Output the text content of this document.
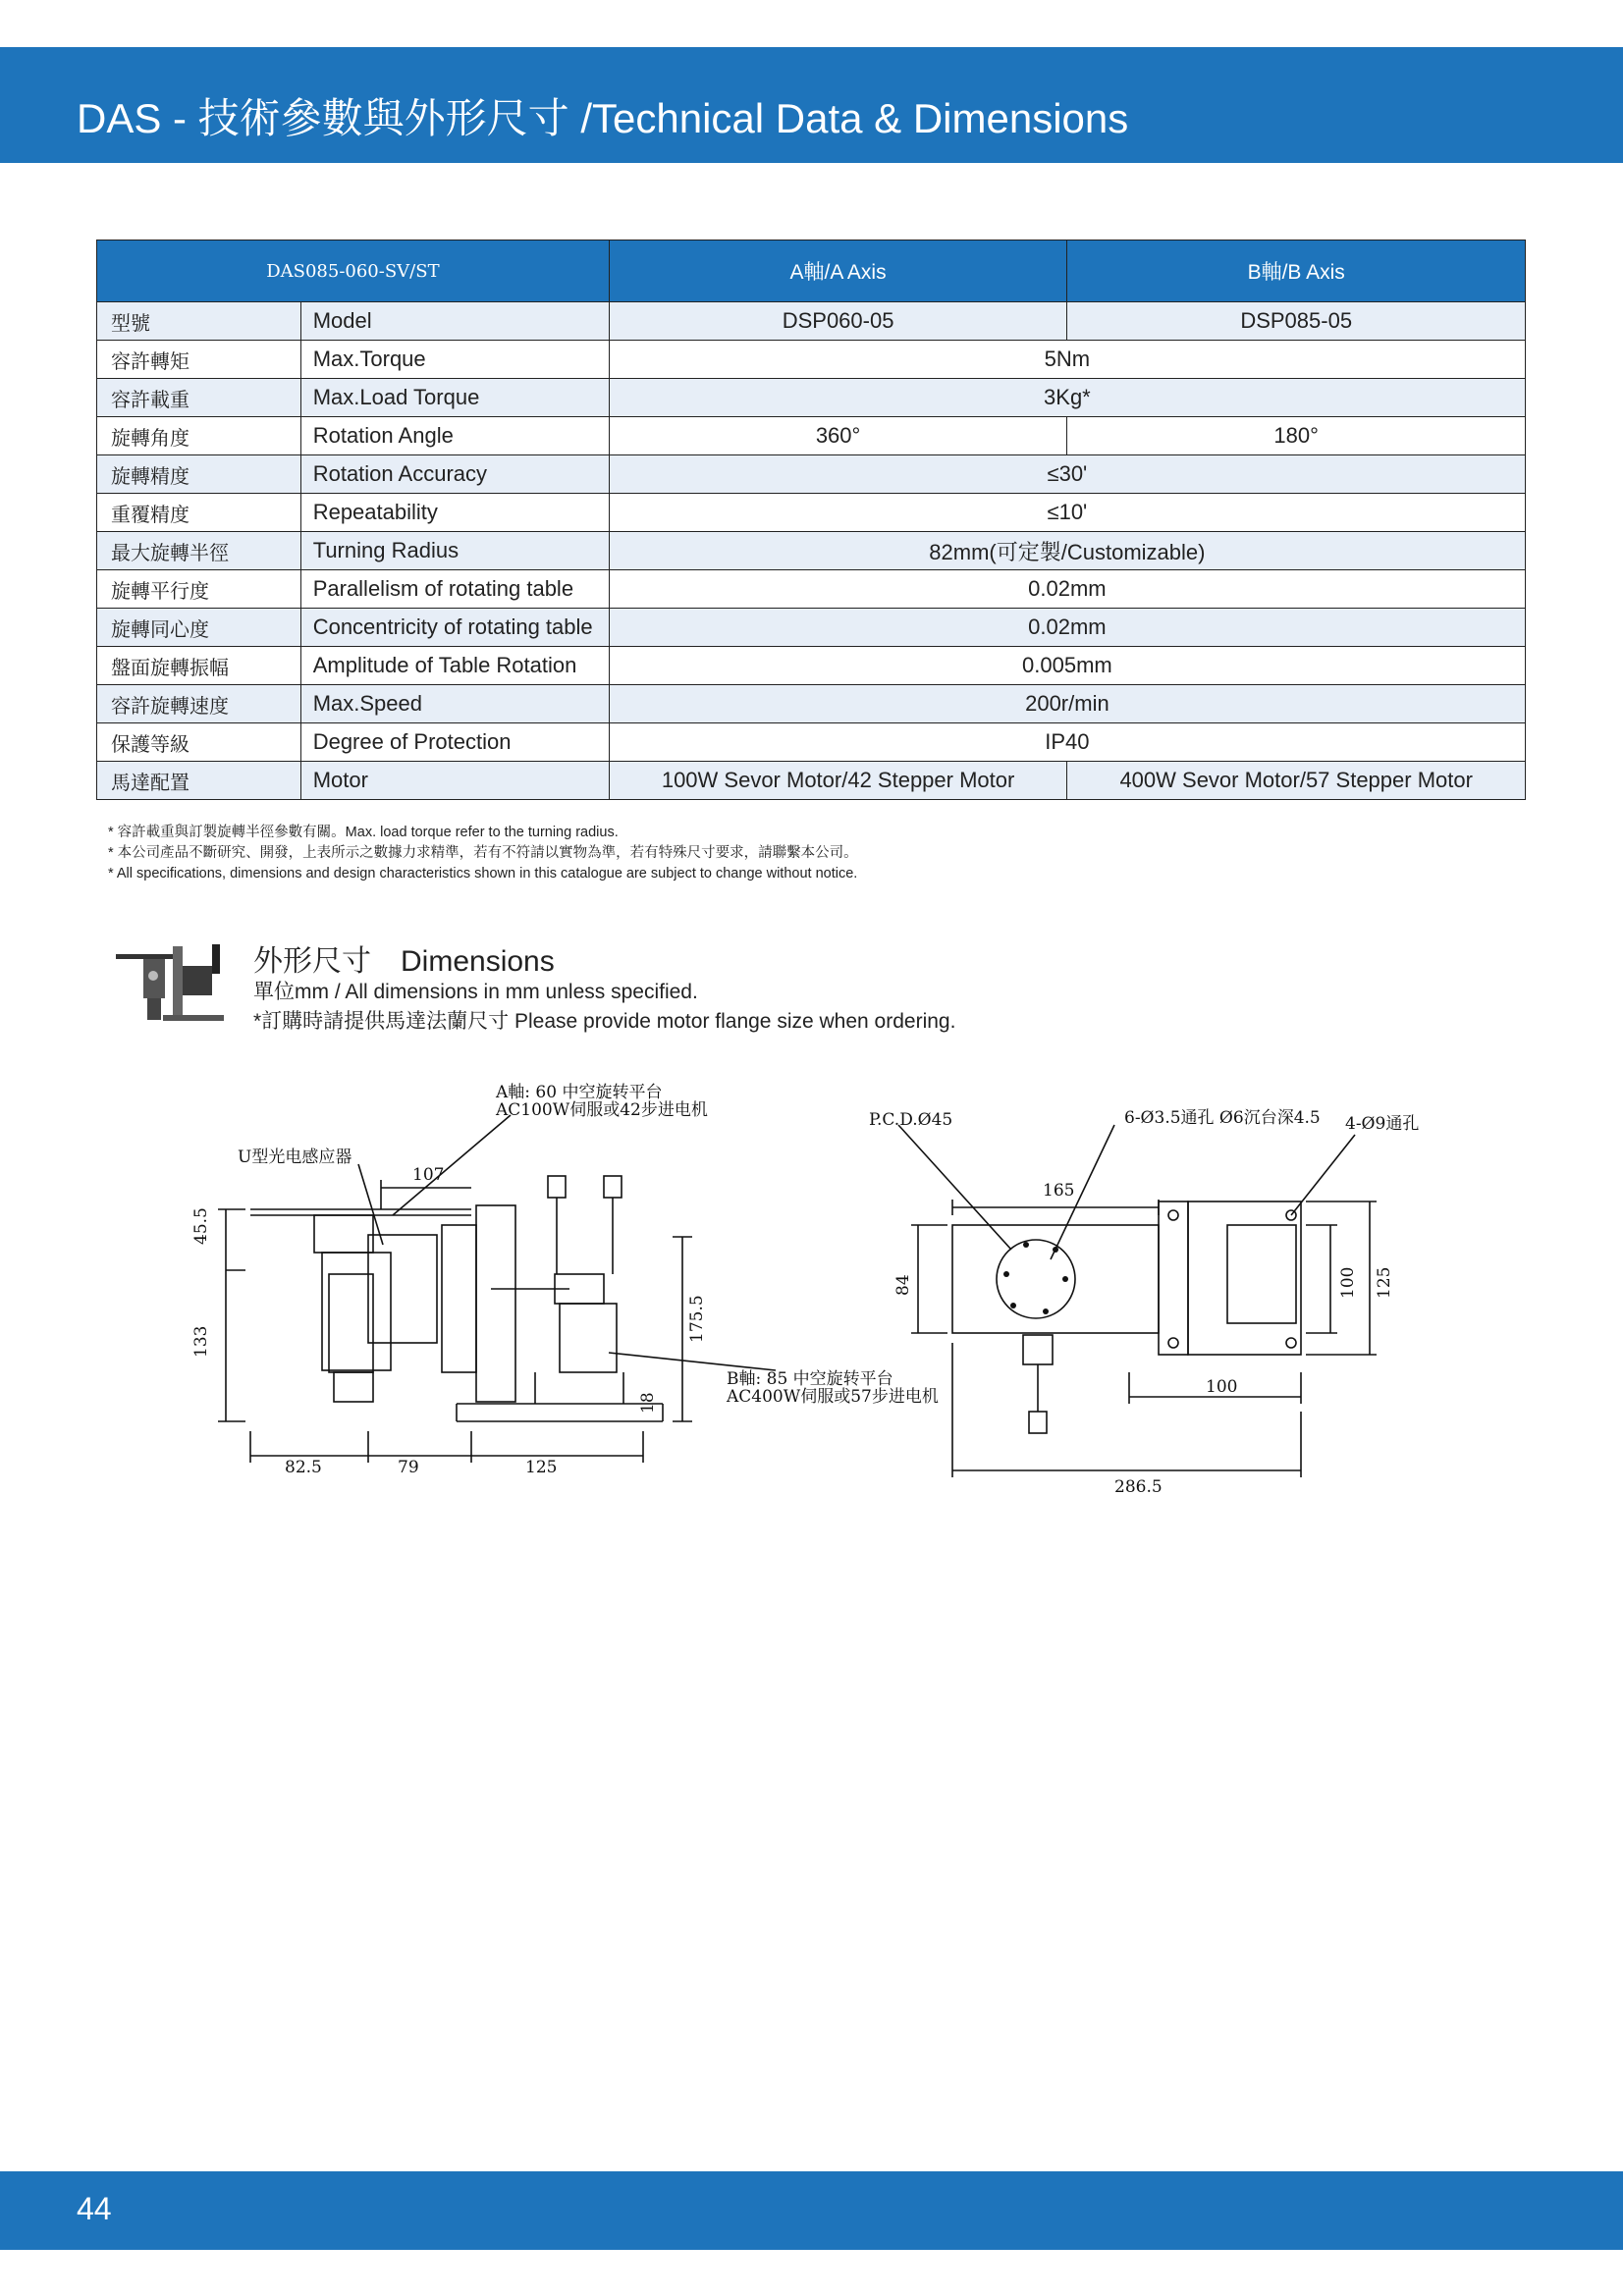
DAS - 技術參數與外形尺寸 /Technical Data & Dimensions
DAS085-060-SV/ST		A軸/A Axis	B軸/B Axis
型號	Model	DSP060-05	DSP085-05
容許轉矩	Max.Torque	5Nm	
容許載重	Max.Load Torque	3Kg*	
旋轉角度	Rotation Angle	360°	180°
旋轉精度	Rotation Accuracy	≤30'	
重覆精度	Repeatability	≤10'	
最大旋轉半徑	Turning Radius	82mm(可定製/Customizable)	
旋轉平行度	Parallelism of rotating table	0.02mm	
旋轉同心度	Concentricity of rotating table	0.02mm	
盤面旋轉振幅	Amplitude of Table Rotation	0.005mm	
容許旋轉速度	Max.Speed	200r/min	
保護等級	Degree of Protection	IP40	
馬達配置	Motor	100W Sevor Motor/42 Stepper Motor	400W Sevor Motor/57 Stepper Motor
* 容許載重與訂製旋轉半徑參數有關。Max. load torque refer to the turning radius.
* 本公司產品不斷研究、開發，上表所示之數據力求精準，若有不符請以實物為準，若有特殊尺寸要求，請聯繫本公司。
* All specifications, dimensions and design characteristics shown in this catalogue are subject to change without notice.
外形尺寸 Dimensions
單位mm / All dimensions in mm unless specified.
*訂購時請提供馬達法蘭尺寸 Please provide motor flange size when ordering.
A軸: 60 中空旋转平台
AC100W伺服或42步进电机
U型光电感应器
107
45.5
133	175.5
18
82.5	79	125
B軸: 85 中空旋转平台
AC400W伺服或57步进电机
P.C.D.Ø45	6-Ø3.5通孔 Ø6沉台深4.5 4-Ø9通孔
165
84	100 125
100
286.5
44
